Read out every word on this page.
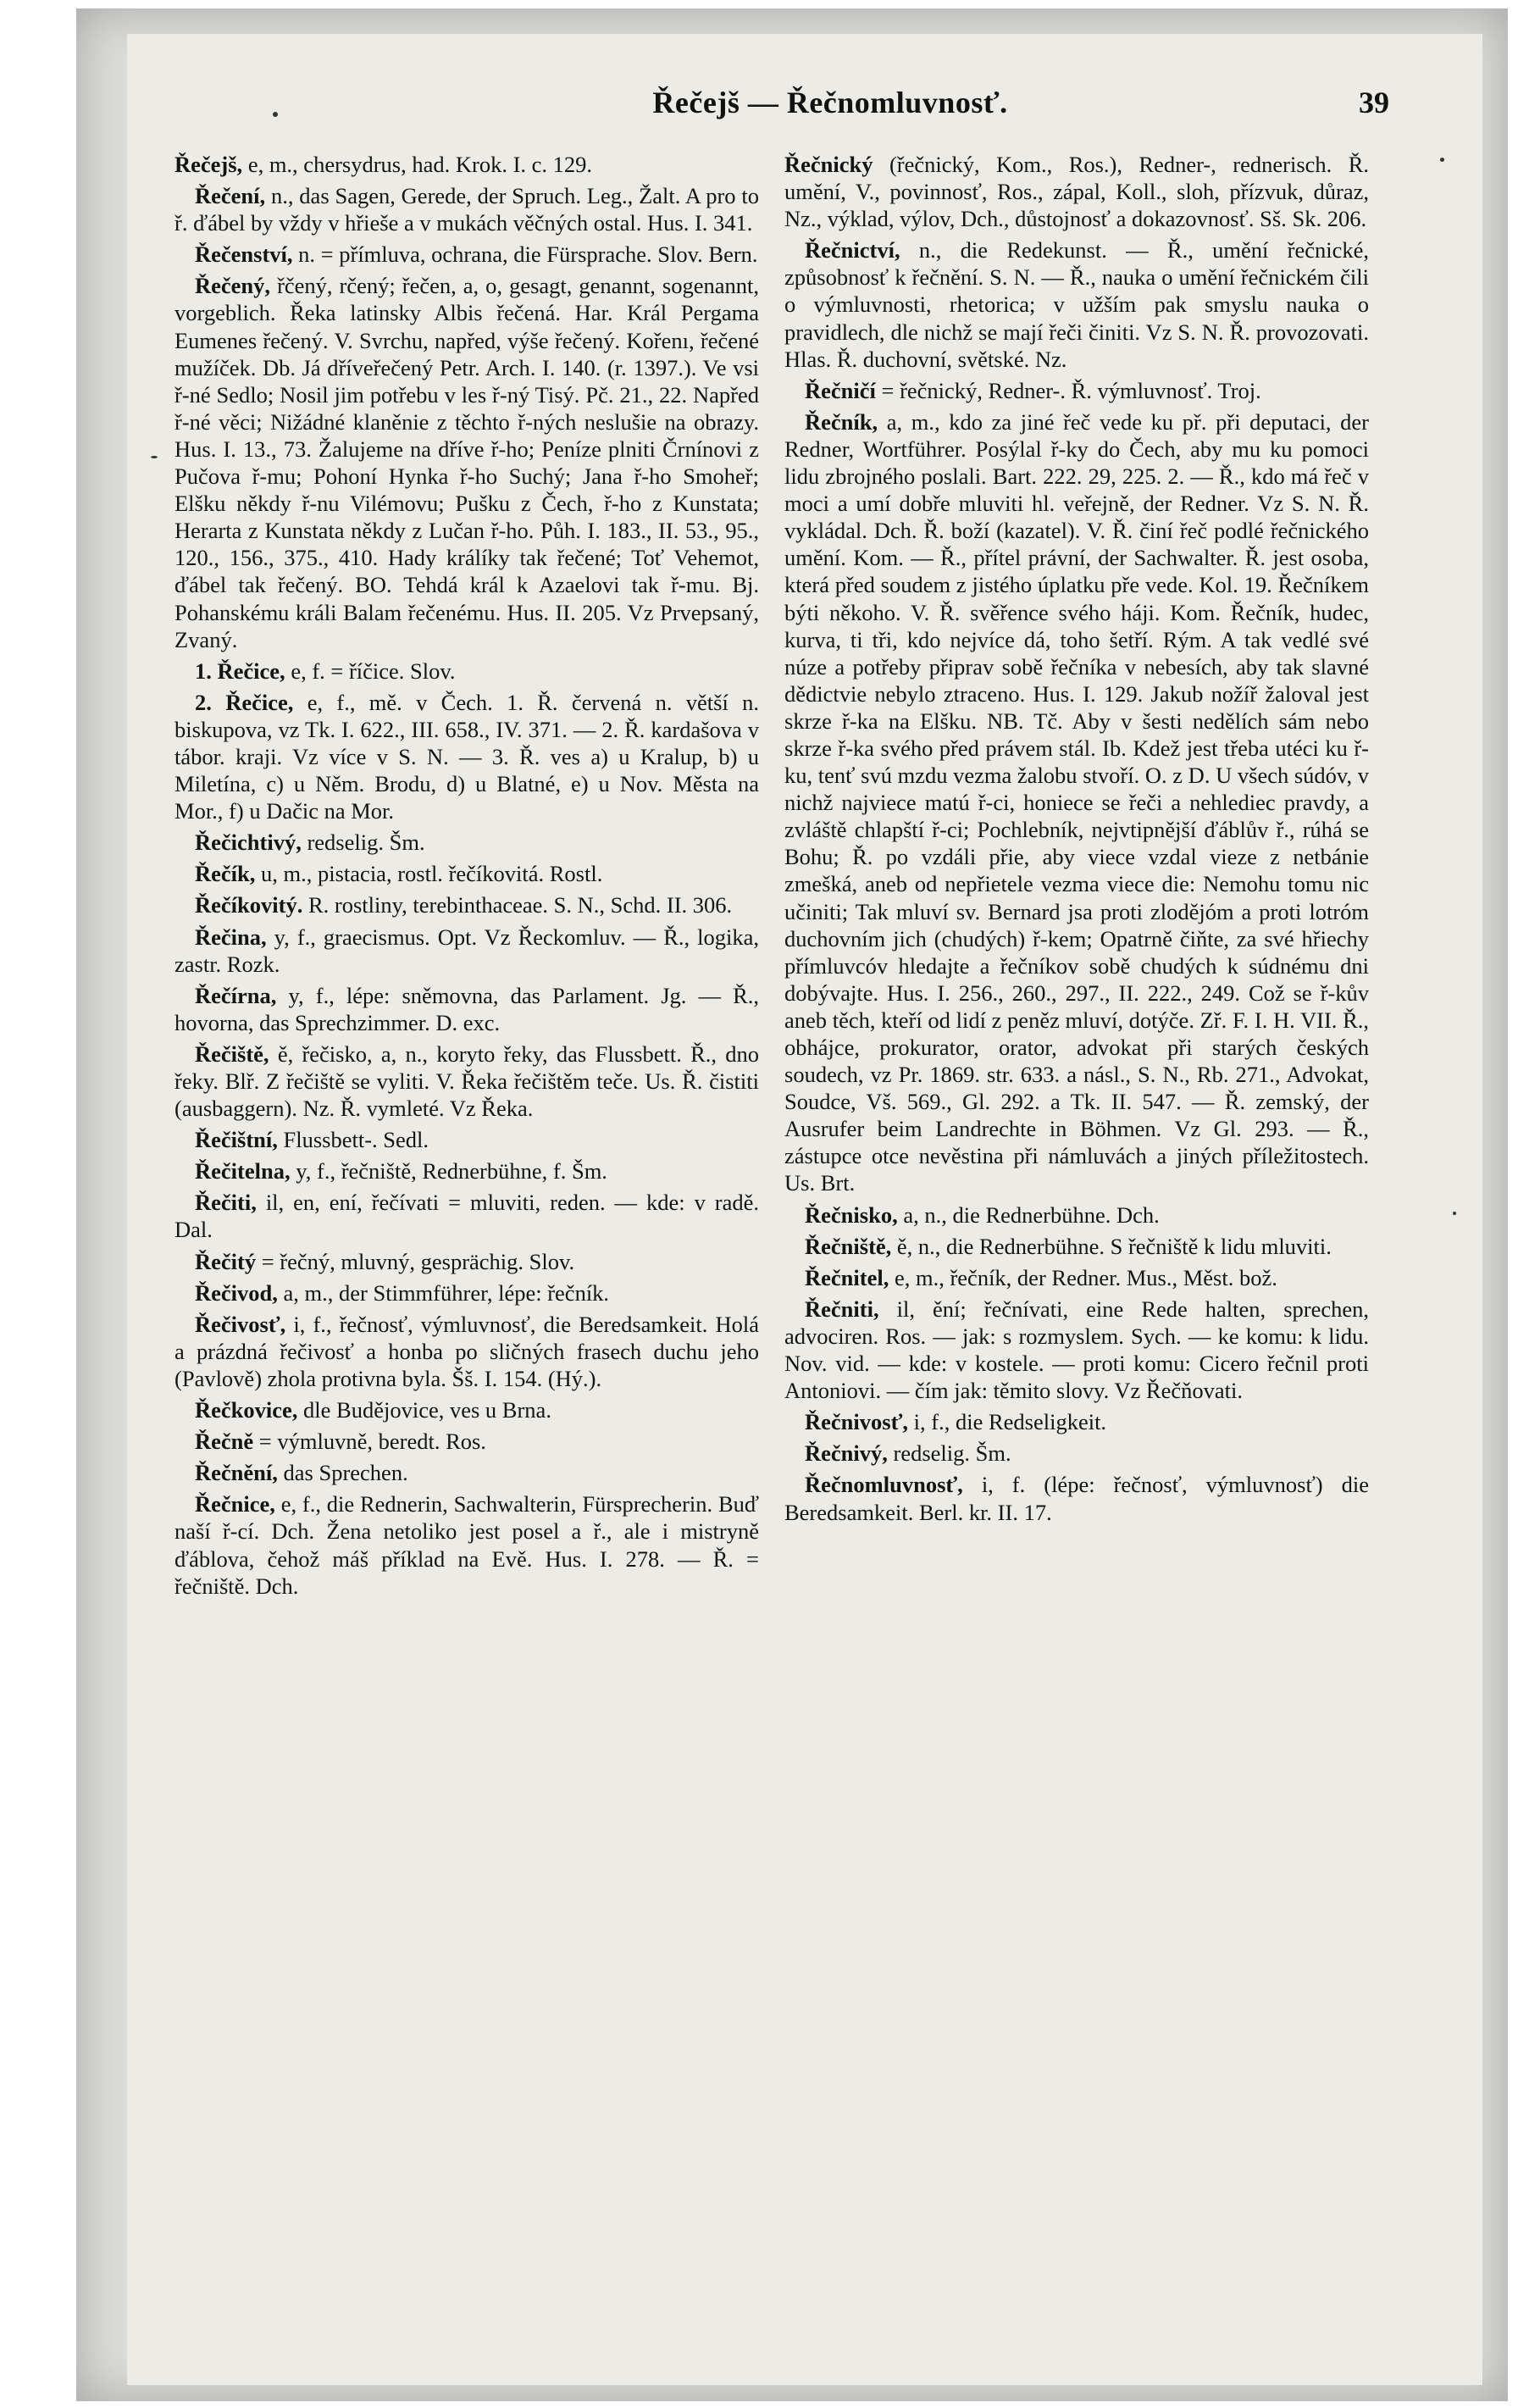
Řečejš — Řečnomluvnosť.	39

Řečejš, e, m., chersydrus, had. Krok. I. c. 129.

Řečení, n., das Sagen, Gerede, der Spruch. Leg., Žalt. A pro to ř. ďábel by vždy v hřieše a v mukách věčných ostal. Hus. I. 341.

Řečenství, n. = přímluva, ochrana, die Fürsprache. Slov. Bern.

Řečený, řčený, rčený; řečen, a, o, gesagt, genannt, sogenannt, vorgeblich. Řeka latinsky Albis řečená. Har. Král Pergama Eumenes řečený. V. Svrchu, napřed, výše řečený. Kořenı, řečené mužíček. Db. Já dříveřečený Petr. Arch. I. 140. (r. 1397.). Ve vsi ř-né Sedlo; Nosil jim potřebu v les ř-ný Tisý. Pč. 21., 22. Napřed ř-né věci; Nižádné klaněnie z těchto ř-ných neslušie na obrazy. Hus. I. 13., 73. Žalujeme na dříve ř-ho; Peníze plniti Črnínovi z Pučova ř-mu; Pohoní Hynka ř-ho Suchý; Jana ř-ho Smoheř; Elšku někdy ř-nu Vilémovu; Pušku z Čech, ř-ho z Kunstata; Herarta z Kunstata někdy z Lučan ř-ho. Půh. I. 183., II. 53., 95., 120., 156., 375., 410. Hady králíky tak řečené; Toť Vehemot, ďábel tak řečený. BO. Tehdá král k Azaelovi tak ř-mu. Bj. Pohanskému králi Balam řečenému. Hus. II. 205. Vz Prvepsaný, Zvaný.

1. Řečice, e, f. = říčice. Slov.

2. Řečice, e, f., mě. v Čech. 1. Ř. červená n. větší n. biskupova, vz Tk. I. 622., III. 658., IV. 371. — 2. Ř. kardašova v tábor. kraji. Vz více v S. N. — 3. Ř. ves a) u Kralup, b) u Miletína, c) u Něm. Brodu, d) u Blatné, e) u Nov. Města na Mor., f) u Dačic na Mor.

Řečichtivý, redselig. Šm.

Řečík, u, m., pistacia, rostl. řečíkovitá. Rostl.

Řečíkovitý. R. rostliny, terebinthaceae. S. N., Schd. II. 306.

Řečina, y, f., graecismus. Opt. Vz Řeckomluv. — Ř., logika, zastr. Rozk.

Řečírna, y, f., lépe: sněmovna, das Parlament. Jg. — Ř., hovorna, das Sprechzimmer. D. exc.

Řečiště, ě, řečisko, a, n., koryto řeky, das Flussbett. Ř., dno řeky. Blř. Z řečiště se vyliti. V. Řeka řečištěm teče. Us. Ř. čistiti (ausbaggern). Nz. Ř. vymleté. Vz Řeka.

Řečištní, Flussbett-. Sedl.

Řečitelna, y, f., řečniště, Rednerbühne, f. Šm.

Řečiti, il, en, ení, řečívati = mluviti, reden. — kde: v radě. Dal.

Řečitý = řečný, mluvný, gesprächig. Slov.

Řečivod, a, m., der Stimmführer, lépe: řečník.

Řečivosť, i, f., řečnosť, výmluvnosť, die Beredsamkeit. Holá a prázdná řečivosť a honba po sličných frasech duchu jeho (Pavlově) zhola protivna byla. Šš. I. 154. (Hý.).

Řečkovice, dle Budějovice, ves u Brna.

Řečně = výmluvně, beredt. Ros.

Řečnění, das Sprechen.

Řečnice, e, f., die Rednerin, Sachwalterin, Fürsprecherin. Buď naší ř-cí. Dch. Žena netoliko jest posel a ř., ale i mistryně ďáblova, čehož máš příklad na Evě. Hus. I. 278. — Ř. = řečniště. Dch.

Řečnický (řečnický, Kom., Ros.), Redner-, rednerisch. Ř. umění, V., povinnosť, Ros., zápal, Koll., sloh, přízvuk, důraz, Nz., výklad, výlov, Dch., důstojnosť a dokazovnosť. Sš. Sk. 206.

Řečnictví, n., die Redekunst. — Ř., umění řečnické, způsobnosť k řečnění. S. N. — Ř., nauka o umění řečnickém čili o výmluvnosti, rhetorica; v užším pak smyslu nauka o pravidlech, dle nichž se mají řeči činiti. Vz S. N. Ř. provozovati. Hlas. Ř. duchovní, světské. Nz.

Řečničí = řečnický, Redner-. Ř. výmluvnosť. Troj.

Řečník, a, m., kdo za jiné řeč vede ku př. při deputaci, der Redner, Wortführer. Posýlal ř-ky do Čech, aby mu ku pomoci lidu zbrojného poslali. Bart. 222. 29, 225. 2. — Ř., kdo má řeč v moci a umí dobře mluviti hl. veřejně, der Redner. Vz S. N. Ř. vykládal. Dch. Ř. boží (kazatel). V. Ř. činí řeč podlé řečnického umění. Kom. — Ř., přítel právní, der Sachwalter. Ř. jest osoba, která před soudem z jistého úplatku pře vede. Kol. 19. Řečníkem býti někoho. V. Ř. svěřence svého háji. Kom. Řečník, hudec, kurva, ti tři, kdo nejvíce dá, toho šetří. Rým. A tak vedlé své núze a potřeby připrav sobě řečníka v nebesích, aby tak slavné dědictvie nebylo ztraceno. Hus. I. 129. Jakub nožíř žaloval jest skrze ř-ka na Elšku. NB. Tč. Aby v šesti nedělích sám nebo skrze ř-ka svého před právem stál. Ib. Kdež jest třeba utéci ku ř-ku, tenť svú mzdu vezma žalobu stvoří. O. z D. U všech súdóv, v nichž najviece matú ř-ci, honiece se řeči a nehlediec pravdy, a zvláště chlapští ř-ci; Pochlebník, nejvtipnější ďáblův ř., rúhá se Bohu; Ř. po vzdáli přie, aby viece vzdal vieze z netbánie zmešká, aneb od nepřietele vezma viece die: Nemohu tomu nic učiniti; Tak mluví sv. Bernard jsa proti zlodějóm a proti lotróm duchovním jich (chudých) ř-kem; Opatrně čiňte, za své hřiechy přímluvcóv hledajte a řečníkov sobě chudých k súdnému dni dobývajte. Hus. I. 256., 260., 297., II. 222., 249. Což se ř-kův aneb těch, kteří od lidí z peněz mluví, dotýče. Zř. F. I. H. VII. Ř., obhájce, prokurator, orator, advokat při starých českých soudech, vz Pr. 1869. str. 633. a násl., S. N., Rb. 271., Advokat, Soudce, Vš. 569., Gl. 292. a Tk. II. 547. — Ř. zemský, der Ausrufer beim Landrechte in Böhmen. Vz Gl. 293. — Ř., zástupce otce nevěstina při námluvách a jiných příležitostech. Us. Brt.

Řečnisko, a, n., die Rednerbühne. Dch.

Řečniště, ě, n., die Rednerbühne. S řečniště k lidu mluviti.

Řečnitel, e, m., řečník, der Redner. Mus., Měst. bož.

Řečniti, il, ění; řečnívati, eine Rede halten, sprechen, advociren. Ros. — jak: s rozmyslem. Sych. — ke komu: k lidu. Nov. vid. — kde: v kostele. — proti komu: Cicero řečnil proti Antoniovi. — čím jak: těmito slovy. Vz Řečňovati.

Řečnivosť, i, f., die Redseligkeit.

Řečnivý, redselig. Šm.

Řečnomluvnosť, i, f. (lépe: řečnosť, výmluvnosť) die Beredsamkeit. Berl. kr. II. 17.
